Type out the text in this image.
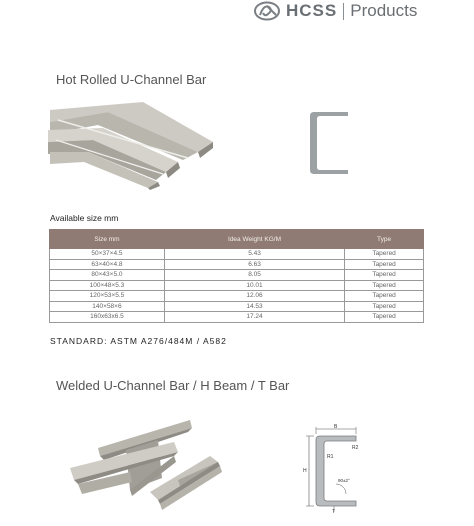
HCSS Products
Hot Rolled U-Channel Bar
Available size mm
Size mm	Idea Weight KG/M	Type
50×37×4.5	5.43	Tapered
63×40×4.8	6.63	Tapered
80×43×5.0	8.05	Tapered
100×48×5.3	10.01	Tapered
120×53×5.5	12.06	Tapered
140×58×6	14.53	Tapered
160x63x6.5	17.24	Tapered
STANDARD: ASTM A276/484M / A582
Welded U-Channel Bar / H Beam / T Bar
B
R2
R1
H
90±2°
T
